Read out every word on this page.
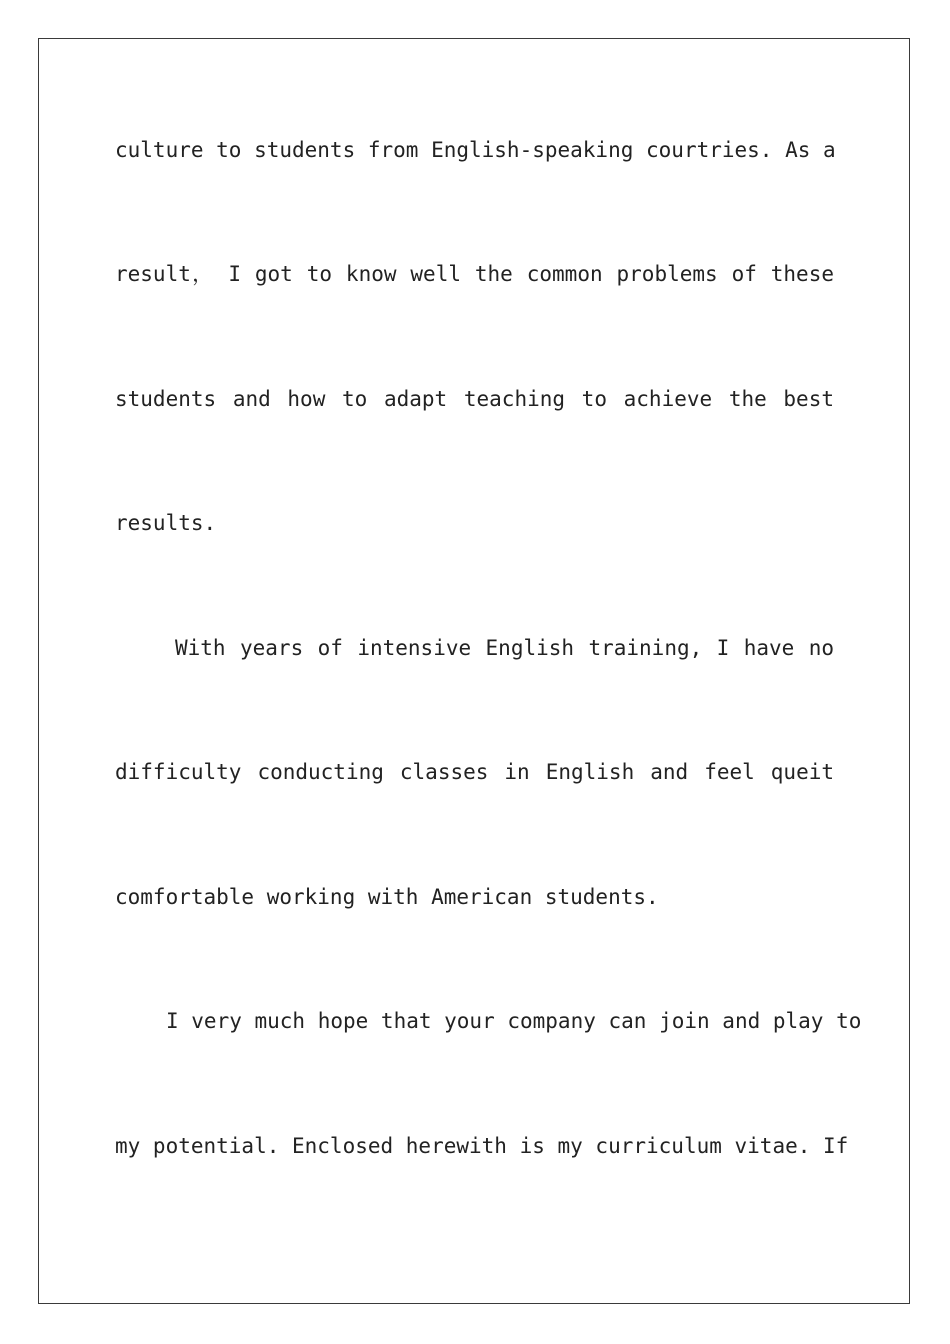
culture to students from English-speaking courtries. As a
result， I got to know well the common problems of these
students and how to adapt teaching to achieve the best
results.
With years of intensive English training, I have no
difficulty conducting classes in English and feel queit
comfortable working with American students.
I very much hope that your company can join and play to
my potential. Enclosed herewith is my curriculum vitae. If
